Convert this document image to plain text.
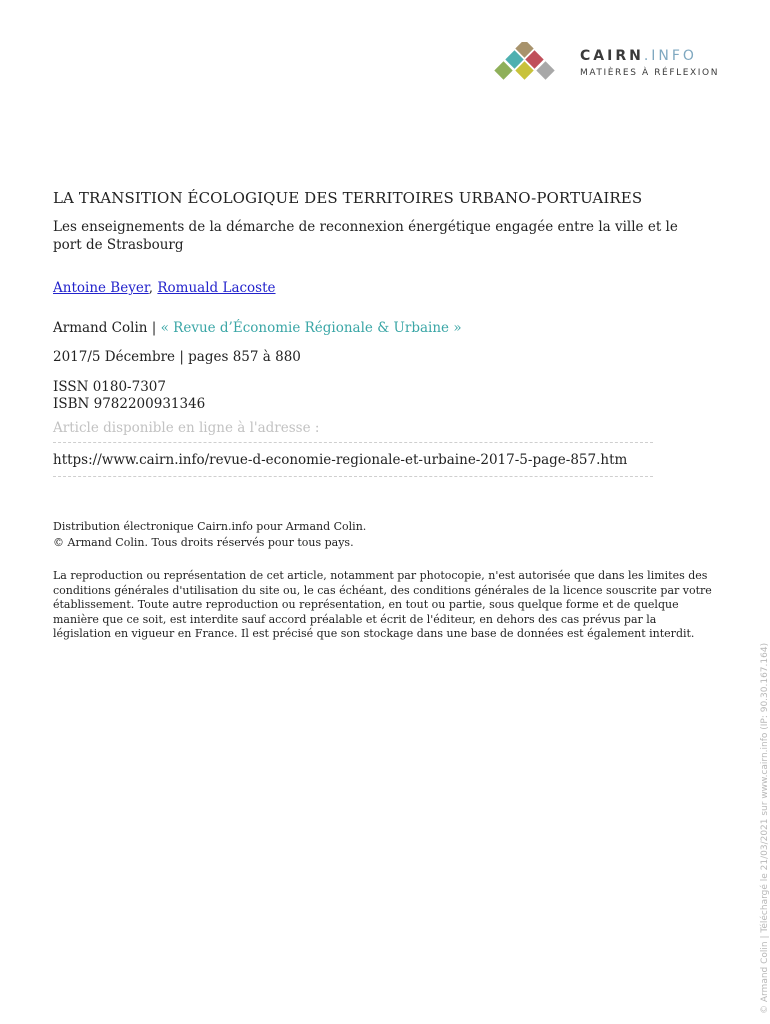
CAIRN.INFO
MATIÈRES À RÉFLEXION
LA TRANSITION ÉCOLOGIQUE DES TERRITOIRES URBANO-PORTUAIRES
Les enseignements de la démarche de reconnexion énergétique engagée entre la ville et le port de Strasbourg
Antoine Beyer, Romuald Lacoste
Armand Colin | « Revue d’Économie Régionale & Urbaine »
2017/5 Décembre | pages 857 à 880
ISSN 0180-7307
ISBN 9782200931346
Article disponible en ligne à l'adresse :
https://www.cairn.info/revue-d-economie-regionale-et-urbaine-2017-5-page-857.htm
Distribution électronique Cairn.info pour Armand Colin.
© Armand Colin. Tous droits réservés pour tous pays.
La reproduction ou représentation de cet article, notamment par photocopie, n'est autorisée que dans les limites des conditions générales d'utilisation du site ou, le cas échéant, des conditions générales de la licence souscrite par votre établissement. Toute autre reproduction ou représentation, en tout ou partie, sous quelque forme et de quelque manière que ce soit, est interdite sauf accord préalable et écrit de l'éditeur, en dehors des cas prévus par la législation en vigueur en France. Il est précisé que son stockage dans une base de données est également interdit.
© Armand Colin | Téléchargé le 21/03/2021 sur www.cairn.info (IP: 90.30.167.164)
